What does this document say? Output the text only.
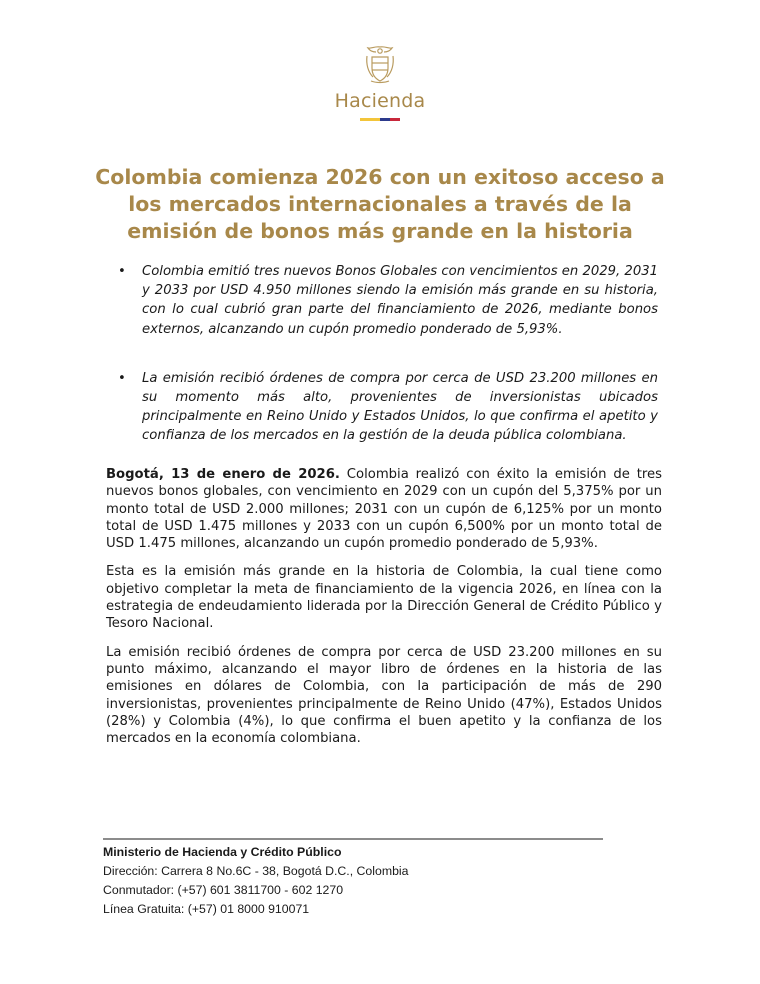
Hacienda
Colombia comienza 2026 con un exitoso acceso a los mercados internacionales a través de la emisión de bonos más grande en la historia
• Colombia emitió tres nuevos Bonos Globales con vencimientos en 2029, 2031 y 2033 por USD 4.950 millones siendo la emisión más grande en su historia, con lo cual cubrió gran parte del financiamiento de 2026, mediante bonos externos, alcanzando un cupón promedio ponderado de 5,93%.
• La emisión recibió órdenes de compra por cerca de USD 23.200 millones en su momento más alto, provenientes de inversionistas ubicados principalmente en Reino Unido y Estados Unidos, lo que confirma el apetito y confianza de los mercados en la gestión de la deuda pública colombiana.

Bogotá, 13 de enero de 2026. Colombia realizó con éxito la emisión de tres nuevos bonos globales, con vencimiento en 2029 con un cupón del 5,375% por un monto total de USD 2.000 millones; 2031 con un cupón de 6,125% por un monto total de USD 1.475 millones y 2033 con un cupón 6,500% por un monto total de USD 1.475 millones, alcanzando un cupón promedio ponderado de 5,93%.

Esta es la emisión más grande en la historia de Colombia, la cual tiene como objetivo completar la meta de financiamiento de la vigencia 2026, en línea con la estrategia de endeudamiento liderada por la Dirección General de Crédito Público y Tesoro Nacional.

La emisión recibió órdenes de compra por cerca de USD 23.200 millones en su punto máximo, alcanzando el mayor libro de órdenes en la historia de las emisiones en dólares de Colombia, con la participación de más de 290 inversionistas, provenientes principalmente de Reino Unido (47%), Estados Unidos (28%) y Colombia (4%), lo que confirma el buen apetito y la confianza de los mercados en la economía colombiana.

Ministerio de Hacienda y Crédito Público
Dirección: Carrera 8 No.6C - 38, Bogotá D.C., Colombia
Conmutador: (+57) 601 3811700 - 602 1270
Línea Gratuita: (+57) 01 8000 910071
